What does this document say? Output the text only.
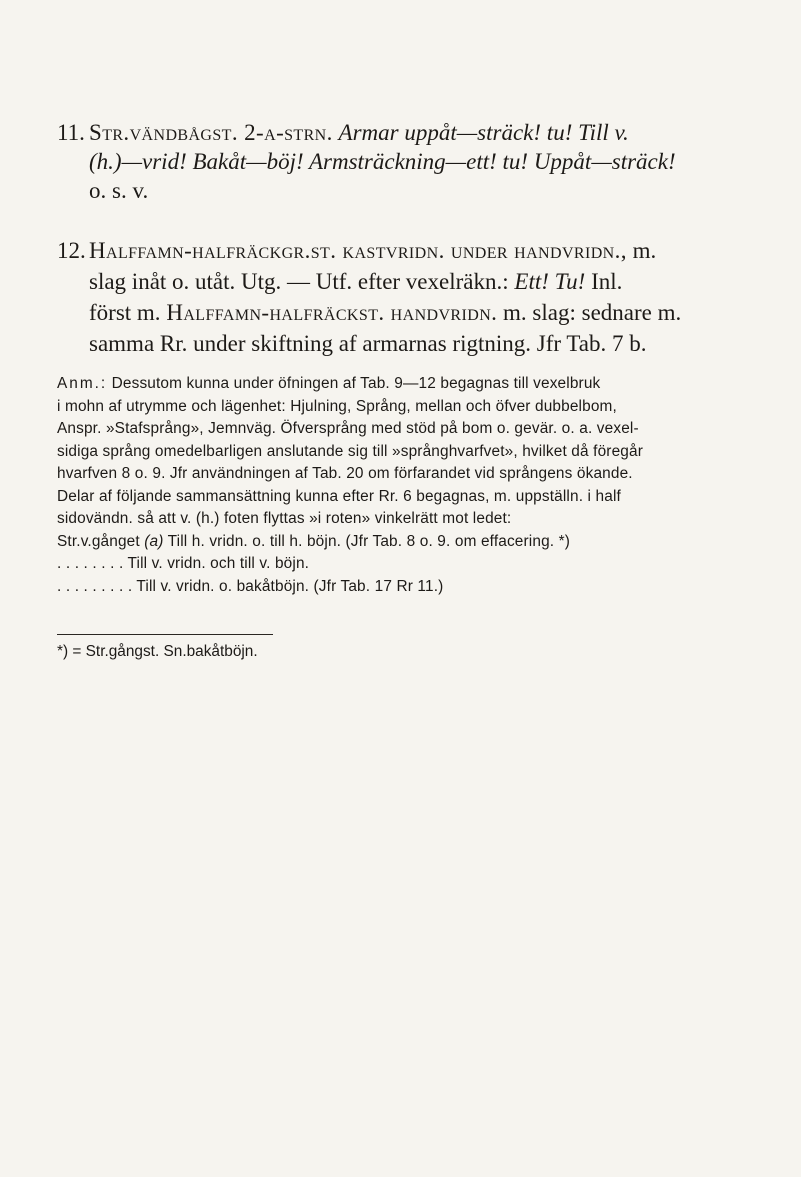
11. Str.vändbågst. 2-a-strn. Armar uppåt—sträck! tu! Till v.
(h.)—vrid! Bakåt—böj! Armsträckning—ett! tu! Uppåt—sträck!
o. s. v.

12. Halffamn-halfräckgr.st. kastvridn. under handvridn., m.
slag inåt o. utåt. Utg. — Utf. efter vexelräkn.: Ett! Tu! Inl.
först m. Halffamn-halfräckst. handvridn. m. slag: sednare m.
samma Rr. under skiftning af armarnas rigtning. Jfr Tab. 7 b.

Anm.: Dessutom kunna under öfningen af Tab. 9—12 begagnas till vexelbruk
i mohn af utrymme och lägenhet: Hjulning, Språng, mellan och öfver dubbelbom,
Anspr. »Stafsprång», Jemnväg. Öfversprång med stöd på bom o. gevär. o. a. vexel-
sidiga språng omedelbarligen anslutande sig till »språnghvarfvet», hvilket då föregår
hvarfven 8 o. 9. Jfr användningen af Tab. 20 om förfarandet vid språngens ökande.
Delar af följande sammansättning kunna efter Rr. 6 begagnas, m. uppställn. i half
sidovändn. så att v. (h.) foten flyttas »i roten» vinkelrätt mot ledet:
Str.v.gånget (a) Till h. vridn. o. till h. böjn. (Jfr Tab. 8 o. 9. om effacering. *)
. . . . . . . . Till v. vridn. och till v. böjn.
. . . . . . . . . Till v. vridn. o. bakåtböjn. (Jfr Tab. 17 Rr 11.)
*) = Str.gångst. Sn.bakåtböjn.
